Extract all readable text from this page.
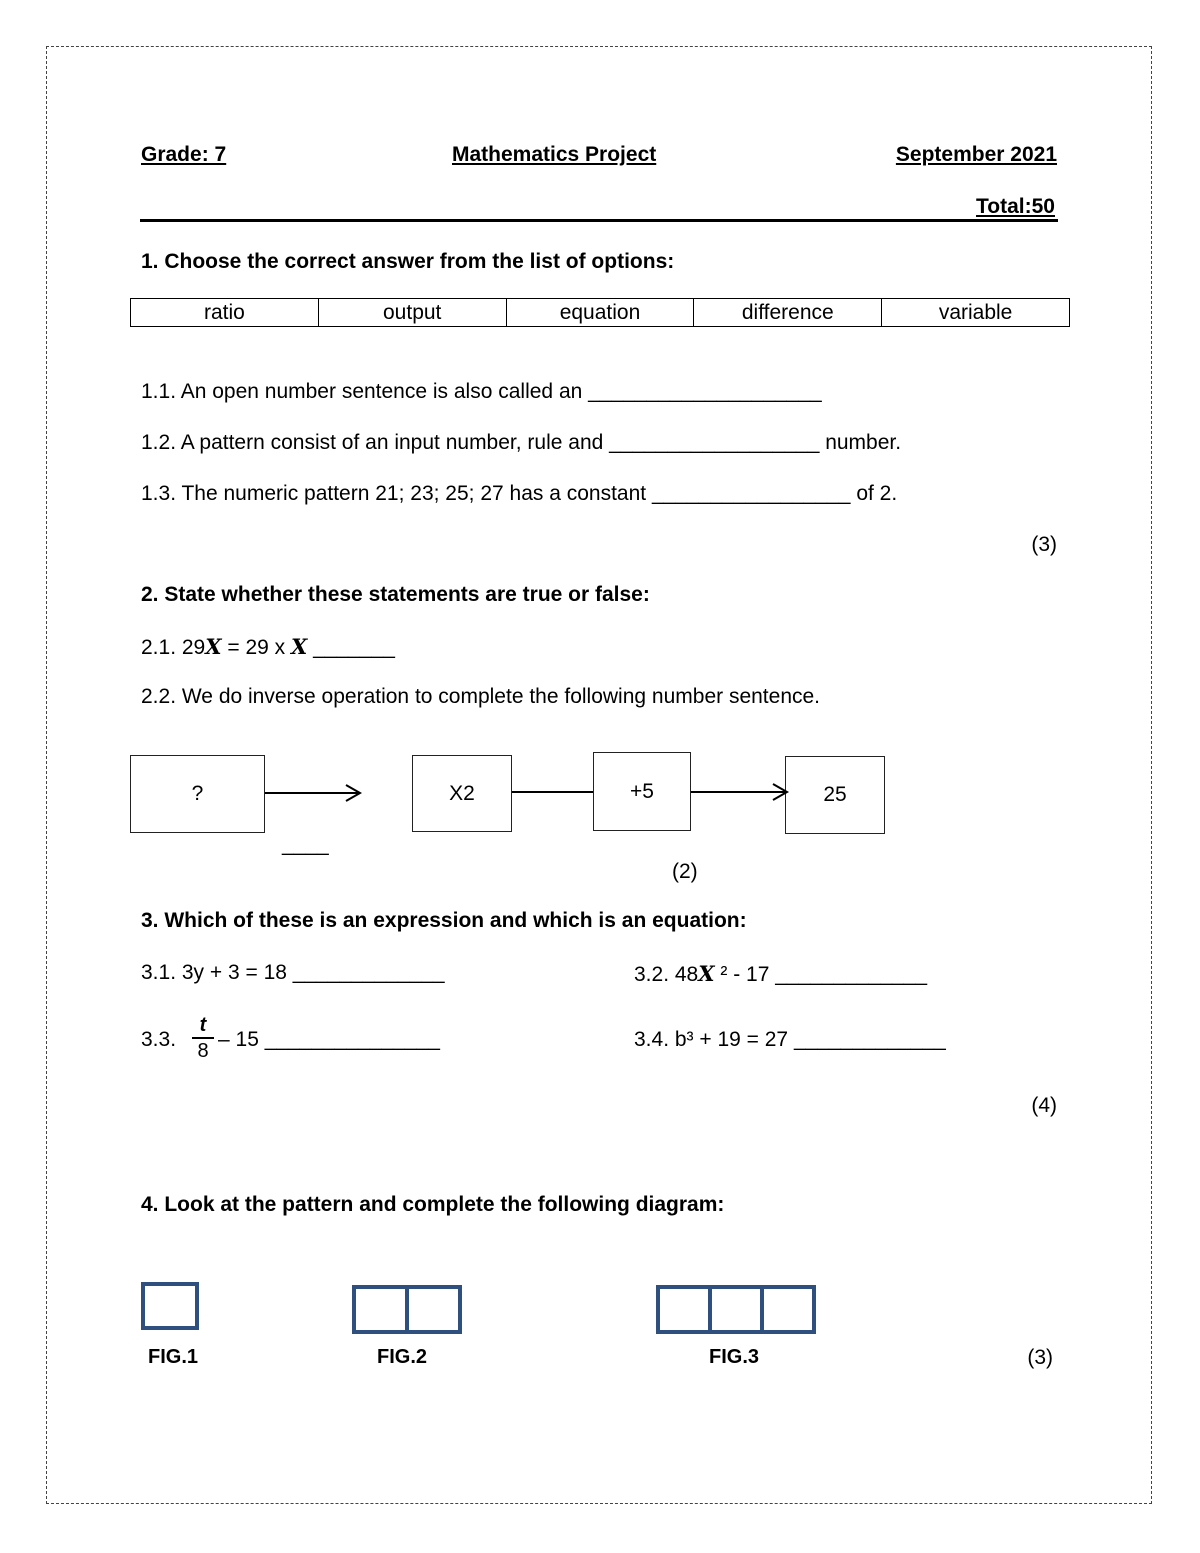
Grade: 7	Mathematics Project	September 2021
Total:50
1. Choose the correct answer from the list of options:
ratio	output	equation	difference	variable
1.1. An open number sentence is also called an ____________________
1.2. A pattern consist of an input number, rule and __________________ number.
1.3. The numeric pattern 21; 23; 25; 27 has a constant _________________ of 2.
(3)
2. State whether these statements are true or false:
2.1. 29X = 29 x X _______
2.2. We do inverse operation to complete the following number sentence.
?	X2	+5	25
____
(2)
3. Which of these is an expression and which is an equation:
3.1. 3y + 3 = 18 _____________	3.2. 48X ² - 17 _____________
3.3.
t
8 – 15 _______________	3.4. b³ + 19 = 27 _____________
(4)
4. Look at the pattern and complete the following diagram:
FIG.1	FIG.2	FIG.3	(3)
